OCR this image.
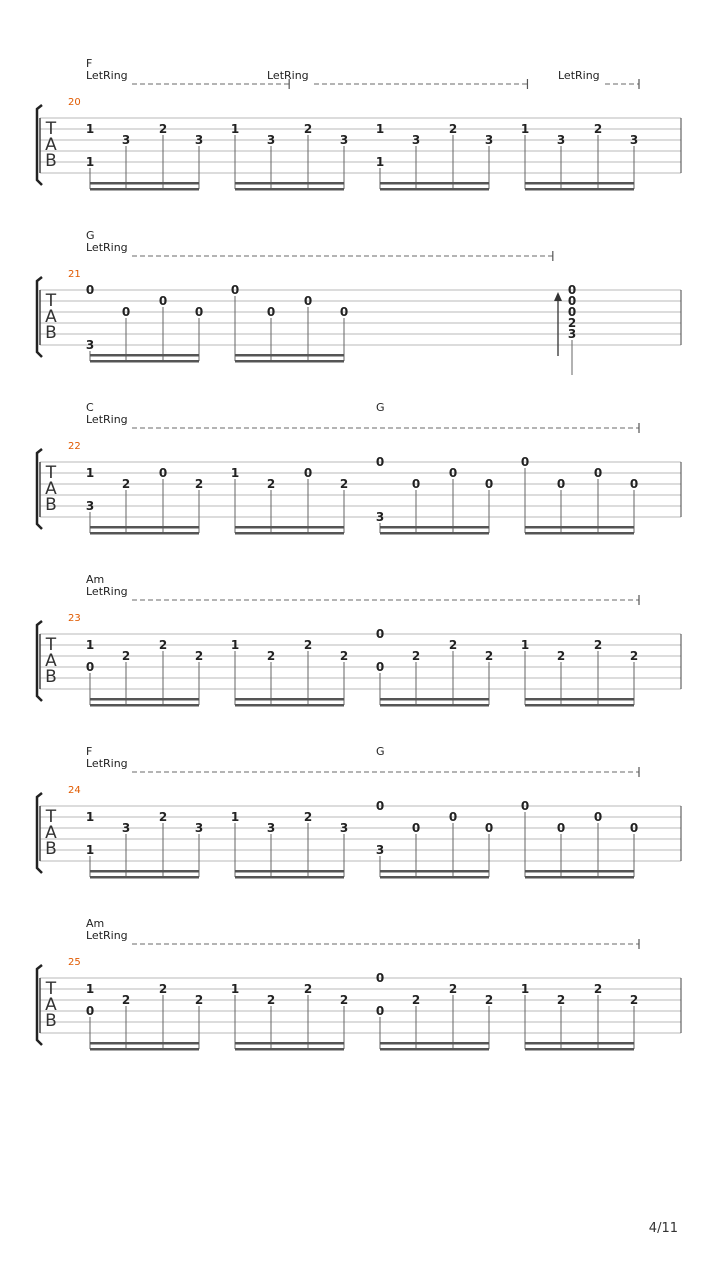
F
LetRing	LetRing	LetRing
20
T
A
B
1
1
3
2
3
1
3
2
3
1
1
3
2
3
1
3
2
3
G
LetRing
21
T
A
B
0
3
0
0
0
0
0
0
0
0
0
0
2
3
C	G
LetRing
22
T
A
B
1
3
2
0
2
1
2
0
2
0
3
0
0
0
0
0
0
0
Am
LetRing
23
T
A
B
1
0
2
2
2
1
2
2
2
0
0
2
2
2
1
2
2
2
F	G
LetRing
24
T
A
B
1
1
3
2
3
1
3
2
3
0
3
0
0
0
0
0
0
0
Am
LetRing
25
T
A
B
1
0
2
2
2
1
2
2
2
0
0
2
2
2
1
2
2
2
4/11
